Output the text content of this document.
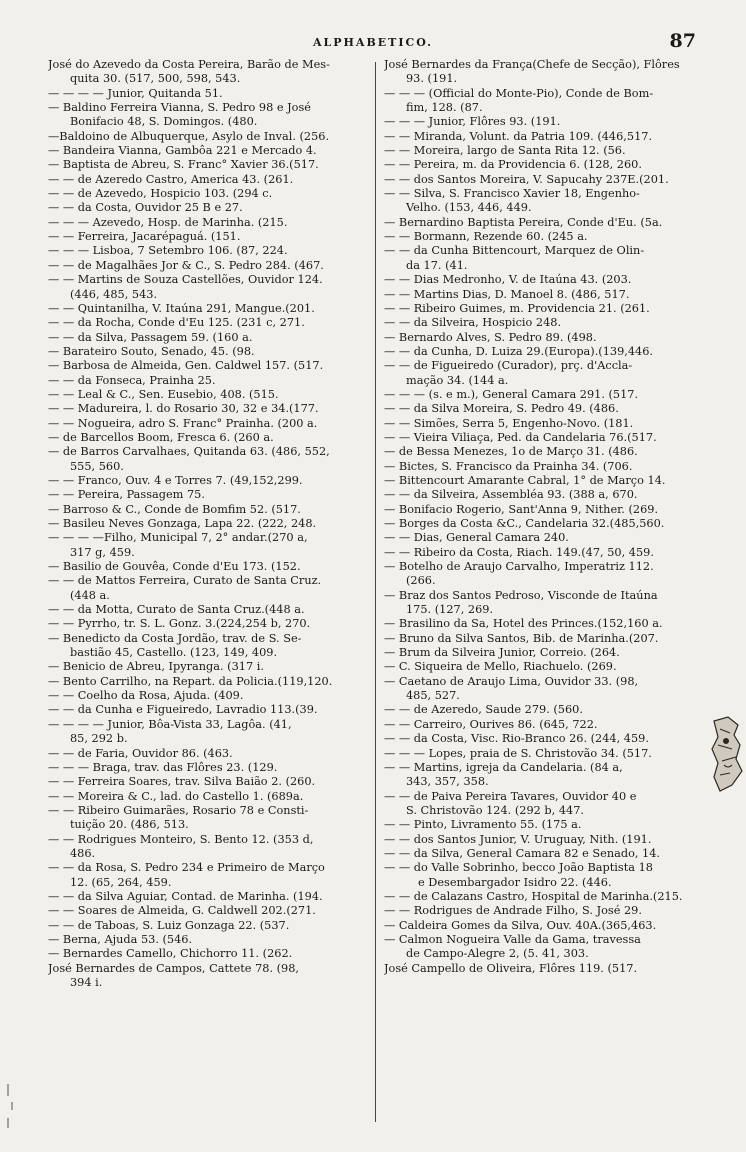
ALPHABETICO.	87
José do Azevedo da Costa Pereira, Barão de Mes-
quita 30. (517, 500, 598, 543.
— — — — Junior, Quitanda 51.
— Baldino Ferreira Vianna, S. Pedro 98 e José
Bonifacio 48, S. Domingos. (480.
—Baldoino de Albuquerque, Asylo de Inval. (256.
— Bandeira Vianna, Gambôa 221 e Mercado 4.
— Baptista de Abreu, S. Franc° Xavier 36.(517.
— — de Azeredo Castro, America 43. (261.
— — de Azevedo, Hospicio 103. (294 c.
— — da Costa, Ouvidor 25 B e 27.
— — — Azevedo, Hosp. de Marinha. (215.
— — Ferreira, Jacarépaguá. (151.
— — — Lisboa, 7 Setembro 106. (87, 224.
— — de Magalhães Jor & C., S. Pedro 284. (467.
— — Martins de Souza Castellões, Ouvidor 124.
(446, 485, 543.
— — Quintanilha, V. Itaúna 291, Mangue.(201.
— — da Rocha, Conde d'Eu 125. (231 c, 271.
— — da Silva, Passagem 59. (160 a.
— Barateiro Souto, Senado, 45. (98.
— Barbosa de Almeida, Gen. Caldwel 157. (517.
— — da Fonseca, Prainha 25.
— — Leal & C., Sen. Eusebio, 408. (515.
— — Madureira, l. do Rosario 30, 32 e 34.(177.
— — Nogueira, adro S. Franc° Prainha. (200 a.
— de Barcellos Boom, Fresca 6. (260 a.
— de Barros Carvalhaes, Quitanda 63. (486, 552,
555, 560.
— — Franco, Ouv. 4 e Torres 7. (49,152,299.
— — Pereira, Passagem 75.
— Barroso & C., Conde de Bomfim 52. (517.
— Basileu Neves Gonzaga, Lapa 22. (222, 248.
— — — —Filho, Municipal 7, 2° andar.(270 a,
317 g, 459.
— Basilio de Gouvêa, Conde d'Eu 173. (152.
— — de Mattos Ferreira, Curato de Santa Cruz.
(448 a.
— — da Motta, Curato de Santa Cruz.(448 a.
— — Pyrrho, tr. S. L. Gonz. 3.(224,254 b, 270.
— Benedicto da Costa Jordão, trav. de S. Se-
bastião 45, Castello. (123, 149, 409.
— Benicio de Abreu, Ipyranga. (317 i.
— Bento Carrilho, na Repart. da Policia.(119,120.
— — Coelho da Rosa, Ajuda. (409.
— — da Cunha e Figueiredo, Lavradio 113.(39.
— — — — Junior, Bôa-Vista 33, Lagôa. (41,
85, 292 b.
— — de Faria, Ouvidor 86. (463.
— — — Braga, trav. das Flôres 23. (129.
— — Ferreira Soares, trav. Silva Baião 2. (260.
— — Moreira & C., lad. do Castello 1. (689a.
— — Ribeiro Guimarães, Rosario 78 e Consti-
tuição 20. (486, 513.
— — Rodrigues Monteiro, S. Bento 12. (353 d,
486.
— — da Rosa, S. Pedro 234 e Primeiro de Março
12. (65, 264, 459.
— — da Silva Aguiar, Contad. de Marinha. (194.
— — Soares de Almeida, G. Caldwell 202.(271.
— — de Taboas, S. Luiz Gonzaga 22. (537.
— Berna, Ajuda 53. (546.
— Bernardes Camello, Chichorro 11. (262.
José Bernardes de Campos, Cattete 78. (98,
394 i.
José Bernardes da França(Chefe de Secção), Flôres
93. (191.
— — — (Official do Monte-Pio), Conde de Bom-
fim, 128. (87.
— — — Junior, Flôres 93. (191.
— — Miranda, Volunt. da Patria 109. (446,517.
— — Moreira, largo de Santa Rita 12. (56.
— — Pereira, m. da Providencia 6. (128, 260.
— — dos Santos Moreira, V. Sapucahy 237E.(201.
— — Silva, S. Francisco Xavier 18, Engenho-
Velho. (153, 446, 449.
— Bernardino Baptista Pereira, Conde d'Eu. (5a.
— — Bormann, Rezende 60. (245 a.
— — da Cunha Bittencourt, Marquez de Olin-
da 17. (41.
— — Dias Medronho, V. de Itaúna 43. (203.
— — Martins Dias, D. Manoel 8. (486, 517.
— — Ribeiro Guimes, m. Providencia 21. (261.
— — da Silveira, Hospicio 248.
— Bernardo Alves, S. Pedro 89. (498.
— — da Cunha, D. Luiza 29.(Europa).(139,446.
— — de Figueiredo (Curador), prç. d'Accla-
mação 34. (144 a.
— — — (s. e m.), General Camara 291. (517.
— — da Silva Moreira, S. Pedro 49. (486.
— — Simões, Serra 5, Engenho-Novo. (181.
— — Vieira Viliaça, Ped. da Candelaria 76.(517.
— de Bessa Menezes, 1o de Março 31. (486.
— Bictes, S. Francisco da Prainha 34. (706.
— Bittencourt Amarante Cabral, 1° de Março 14.
— — da Silveira, Assembléa 93. (388 a, 670.
— Bonifacio Rogerio, Sant'Anna 9, Nither. (269.
— Borges da Costa &C., Candelaria 32.(485,560.
— — Dias, General Camara 240.
— — Ribeiro da Costa, Riach. 149.(47, 50, 459.
— Botelho de Araujo Carvalho, Imperatriz 112.
(266.
— Braz dos Santos Pedroso, Visconde de Itaúna
175. (127, 269.
— Brasilino da Sa, Hotel des Princes.(152,160 a.
— Bruno da Silva Santos, Bib. de Marinha.(207.
— Brum da Silveira Junior, Correio. (264.
— C. Siqueira de Mello, Riachuelo. (269.
— Caetano de Araujo Lima, Ouvidor 33. (98,
485, 527.
— — de Azeredo, Saude 279. (560.
— — Carreiro, Ourives 86. (645, 722.
— — da Costa, Visc. Rio-Branco 26. (244, 459.
— — — Lopes, praia de S. Christovão 34. (517.
— — Martins, igreja da Candelaria. (84 a,
343, 357, 358.
— — de Paiva Pereira Tavares, Ouvidor 40 e
S. Christovão 124. (292 b, 447.
— — Pinto, Livramento 55. (175 a.
— — dos Santos Junior, V. Uruguay, Nith. (191.
— — da Silva, General Camara 82 e Senado, 14.
— — do Valle Sobrinho, becco João Baptista 18
e Desembargador Isidro 22. (446.
— — de Calazans Castro, Hospital de Marinha.(215.
— — Rodrigues de Andrade Filho, S. José 29.
— Caldeira Gomes da Silva, Ouv. 40A.(365,463.
— Calmon Nogueira Valle da Gama, travessa
de Campo-Alegre 2, (5. 41, 303.
José Campello de Oliveira, Flôres 119. (517.
